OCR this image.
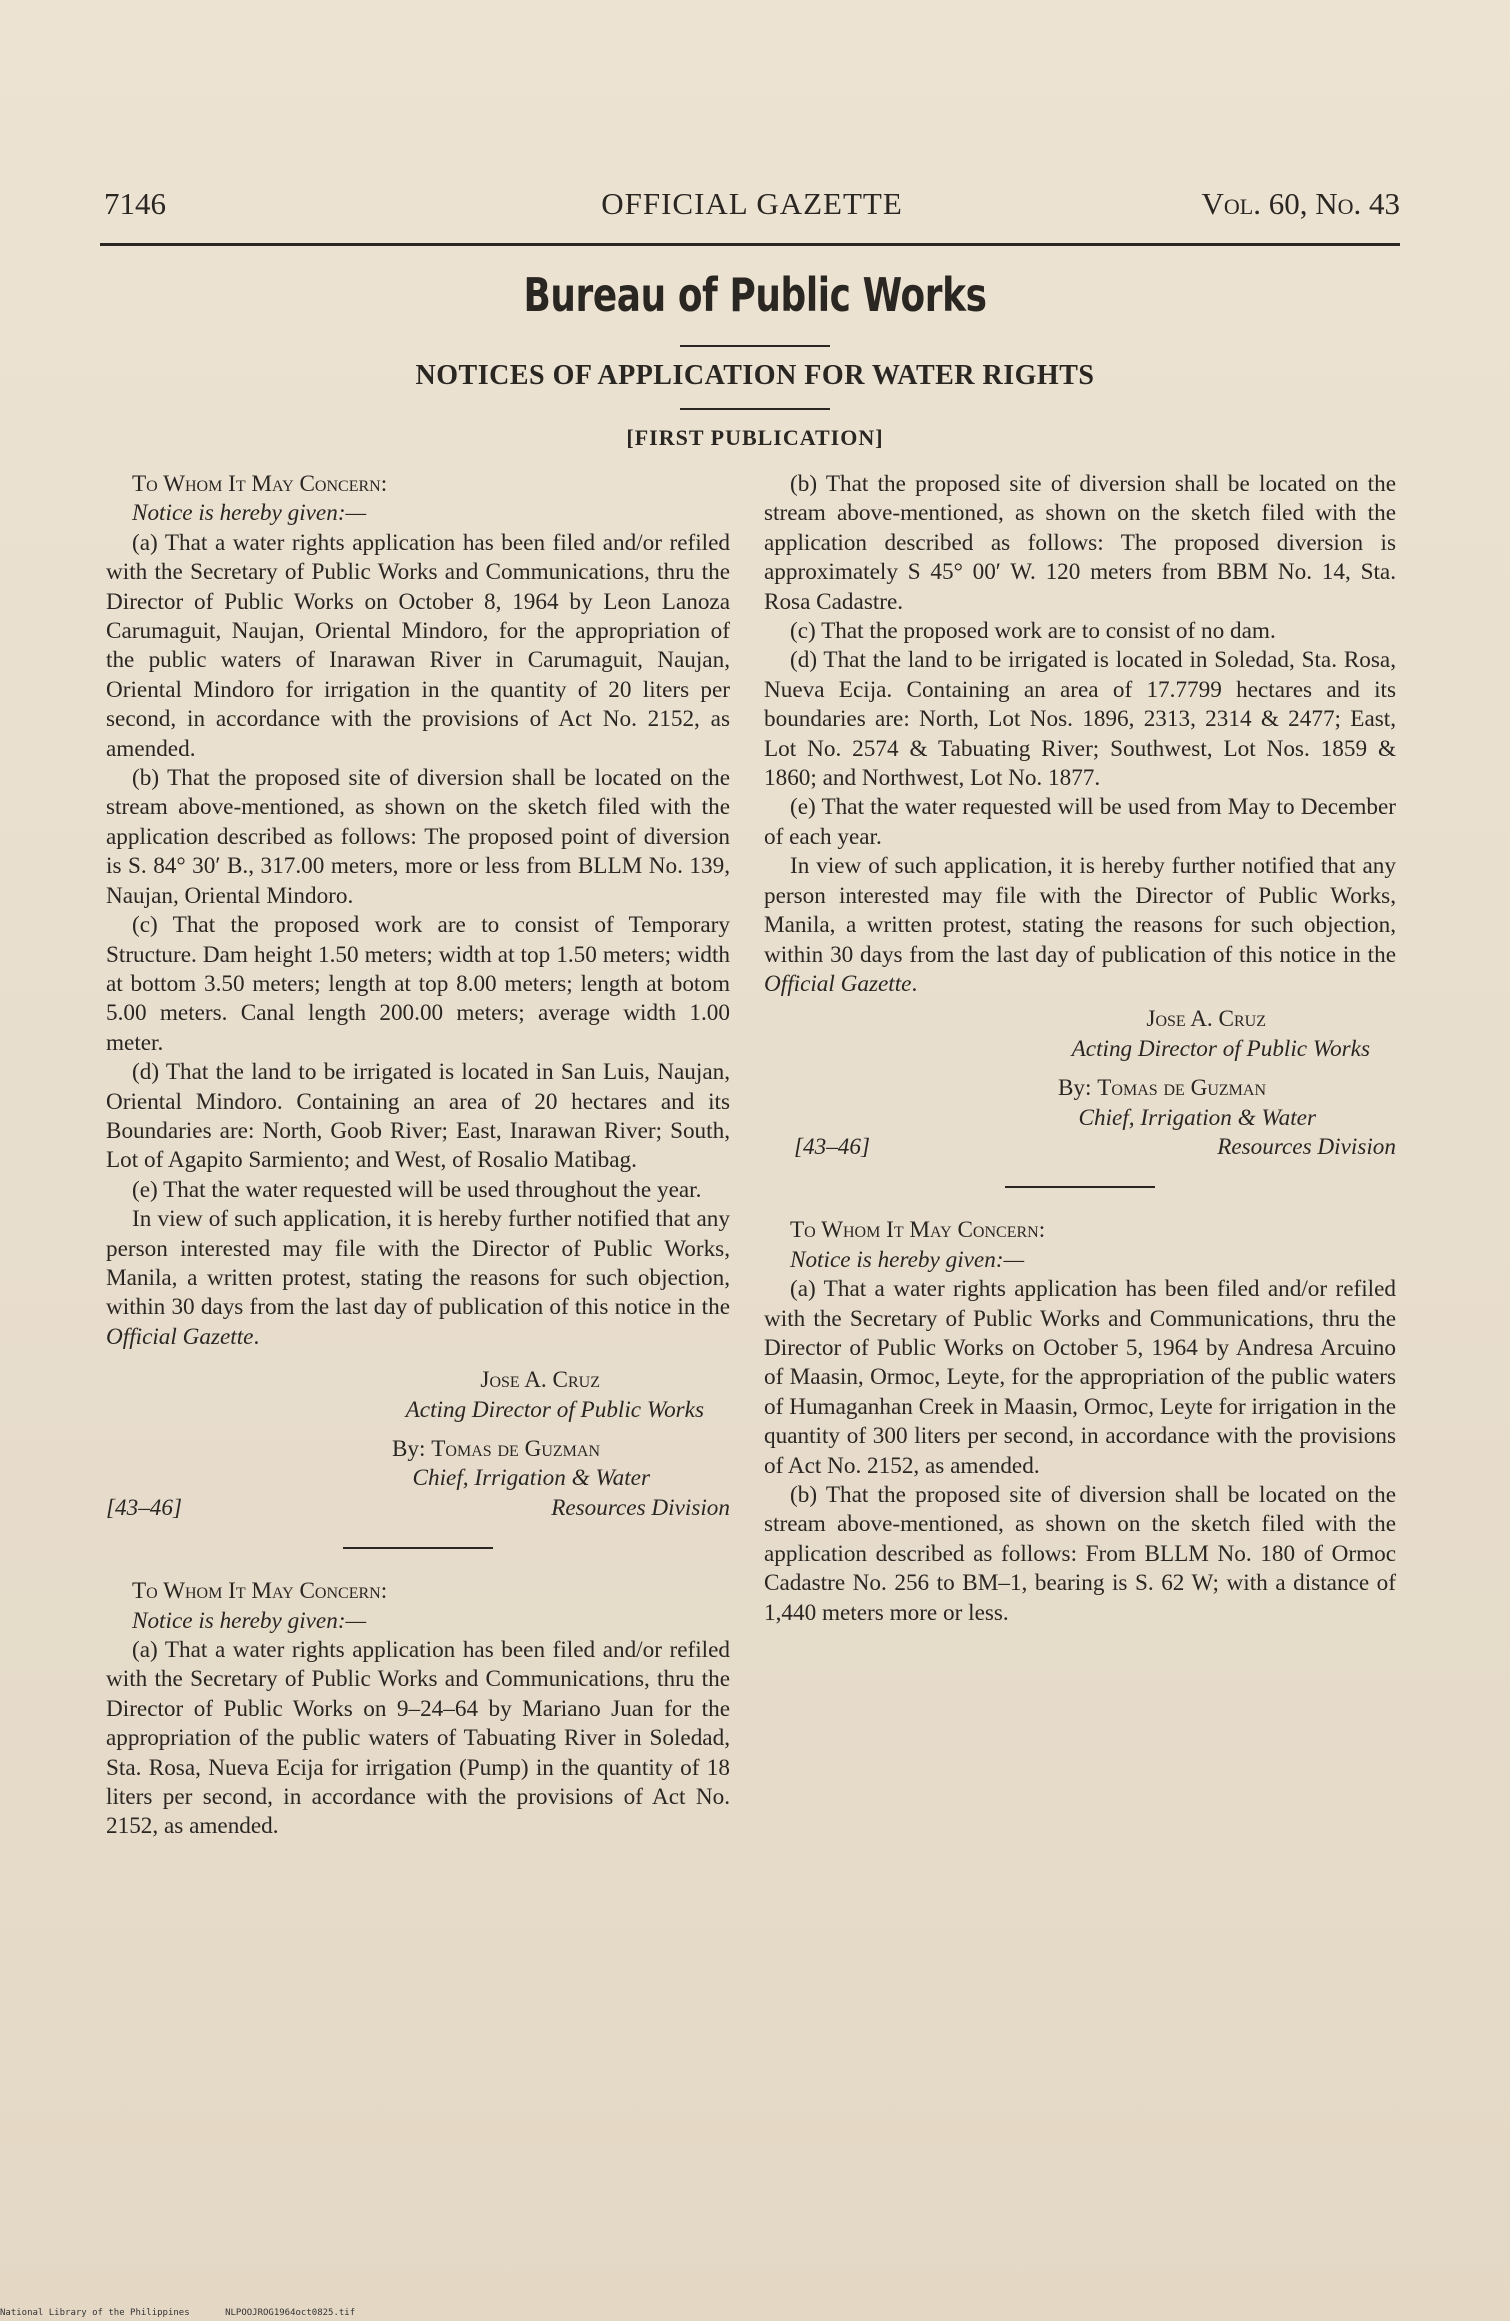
7146	OFFICIAL GAZETTE	Vol. 60, No. 43
Bureau of Public Works
NOTICES OF APPLICATION FOR WATER RIGHTS
[FIRST PUBLICATION]

To Whom It May Concern:

Notice is hereby given:—

(a) That a water rights application has been filed and/or refiled with the Secretary of Public Works and Communications, thru the Director of Public Works on October 8, 1964 by Leon Lanoza Carumaguit, Naujan, Oriental Mindoro, for the appropriation of the public waters of Inarawan River in Carumaguit, Naujan, Oriental Mindoro for irrigation in the quantity of 20 liters per second, in accordance with the provisions of Act No. 2152, as amended.

(b) That the proposed site of diversion shall be located on the stream above-mentioned, as shown on the sketch filed with the application described as follows: The proposed point of diversion is S. 84° 30′ B., 317.00 meters, more or less from BLLM No. 139, Naujan, Oriental Mindoro.

(c) That the proposed work are to consist of Temporary Structure. Dam height 1.50 meters; width at top 1.50 meters; width at bottom 3.50 meters; length at top 8.00 meters; length at botom 5.00 meters. Canal length 200.00 meters; average width 1.00 meter.

(d) That the land to be irrigated is located in San Luis, Naujan, Oriental Mindoro. Containing an area of 20 hectares and its Boundaries are: North, Goob River; East, Inarawan River; South, Lot of Agapito Sarmiento; and West, of Rosalio Matibag.

(e) That the water requested will be used throughout the year.

In view of such application, it is hereby further notified that any person interested may file with the Director of Public Works, Manila, a written protest, stating the reasons for such objection, within 30 days from the last day of publication of this notice in the Official Gazette.

Jose A. Cruz
Acting Director of Public Works
By: Tomas de Guzman
Chief, Irrigation & Water
[43–46]	Resources Division

To Whom It May Concern:

Notice is hereby given:—

(a) That a water rights application has been filed and/or refiled with the Secretary of Public Works and Communications, thru the Director of Public Works on 9–24–64 by Mariano Juan for the appropriation of the public waters of Tabuating River in Soledad, Sta. Rosa, Nueva Ecija for irrigation (Pump) in the quantity of 18 liters per second, in accordance with the provisions of Act No. 2152, as amended.

(b) That the proposed site of diversion shall be located on the stream above-mentioned, as shown on the sketch filed with the application described as follows: The proposed diversion is approximately S 45° 00′ W. 120 meters from BBM No. 14, Sta. Rosa Cadastre.

(c) That the proposed work are to consist of no dam.

(d) That the land to be irrigated is located in Soledad, Sta. Rosa, Nueva Ecija. Containing an area of 17.7799 hectares and its boundaries are: North, Lot Nos. 1896, 2313, 2314 & 2477; East, Lot No. 2574 & Tabuating River; Southwest, Lot Nos. 1859 & 1860; and Northwest, Lot No. 1877.

(e) That the water requested will be used from May to December of each year.

In view of such application, it is hereby further notified that any person interested may file with the Director of Public Works, Manila, a written protest, stating the reasons for such objection, within 30 days from the last day of publication of this notice in the Official Gazette.

Jose A. Cruz
Acting Director of Public Works
By: Tomas de Guzman
Chief, Irrigation & Water
[43–46]	Resources Division

To Whom It May Concern:

Notice is hereby given:—

(a) That a water rights application has been filed and/or refiled with the Secretary of Public Works and Communications, thru the Director of Public Works on October 5, 1964 by Andresa Arcuino of Maasin, Ormoc, Leyte, for the appropriation of the public waters of Humaganhan Creek in Maasin, Ormoc, Leyte for irrigation in the quantity of 300 liters per second, in accordance with the provisions of Act No. 2152, as amended.

(b) That the proposed site of diversion shall be located on the stream above-mentioned, as shown on the sketch filed with the application described as follows: From BLLM No. 180 of Ormoc Cadastre No. 256 to BM–1, bearing is S. 62 W; with a distance of 1,440 meters more or less.

National Library of the Philippines	NLPOOJROG1964oct0825.tif
